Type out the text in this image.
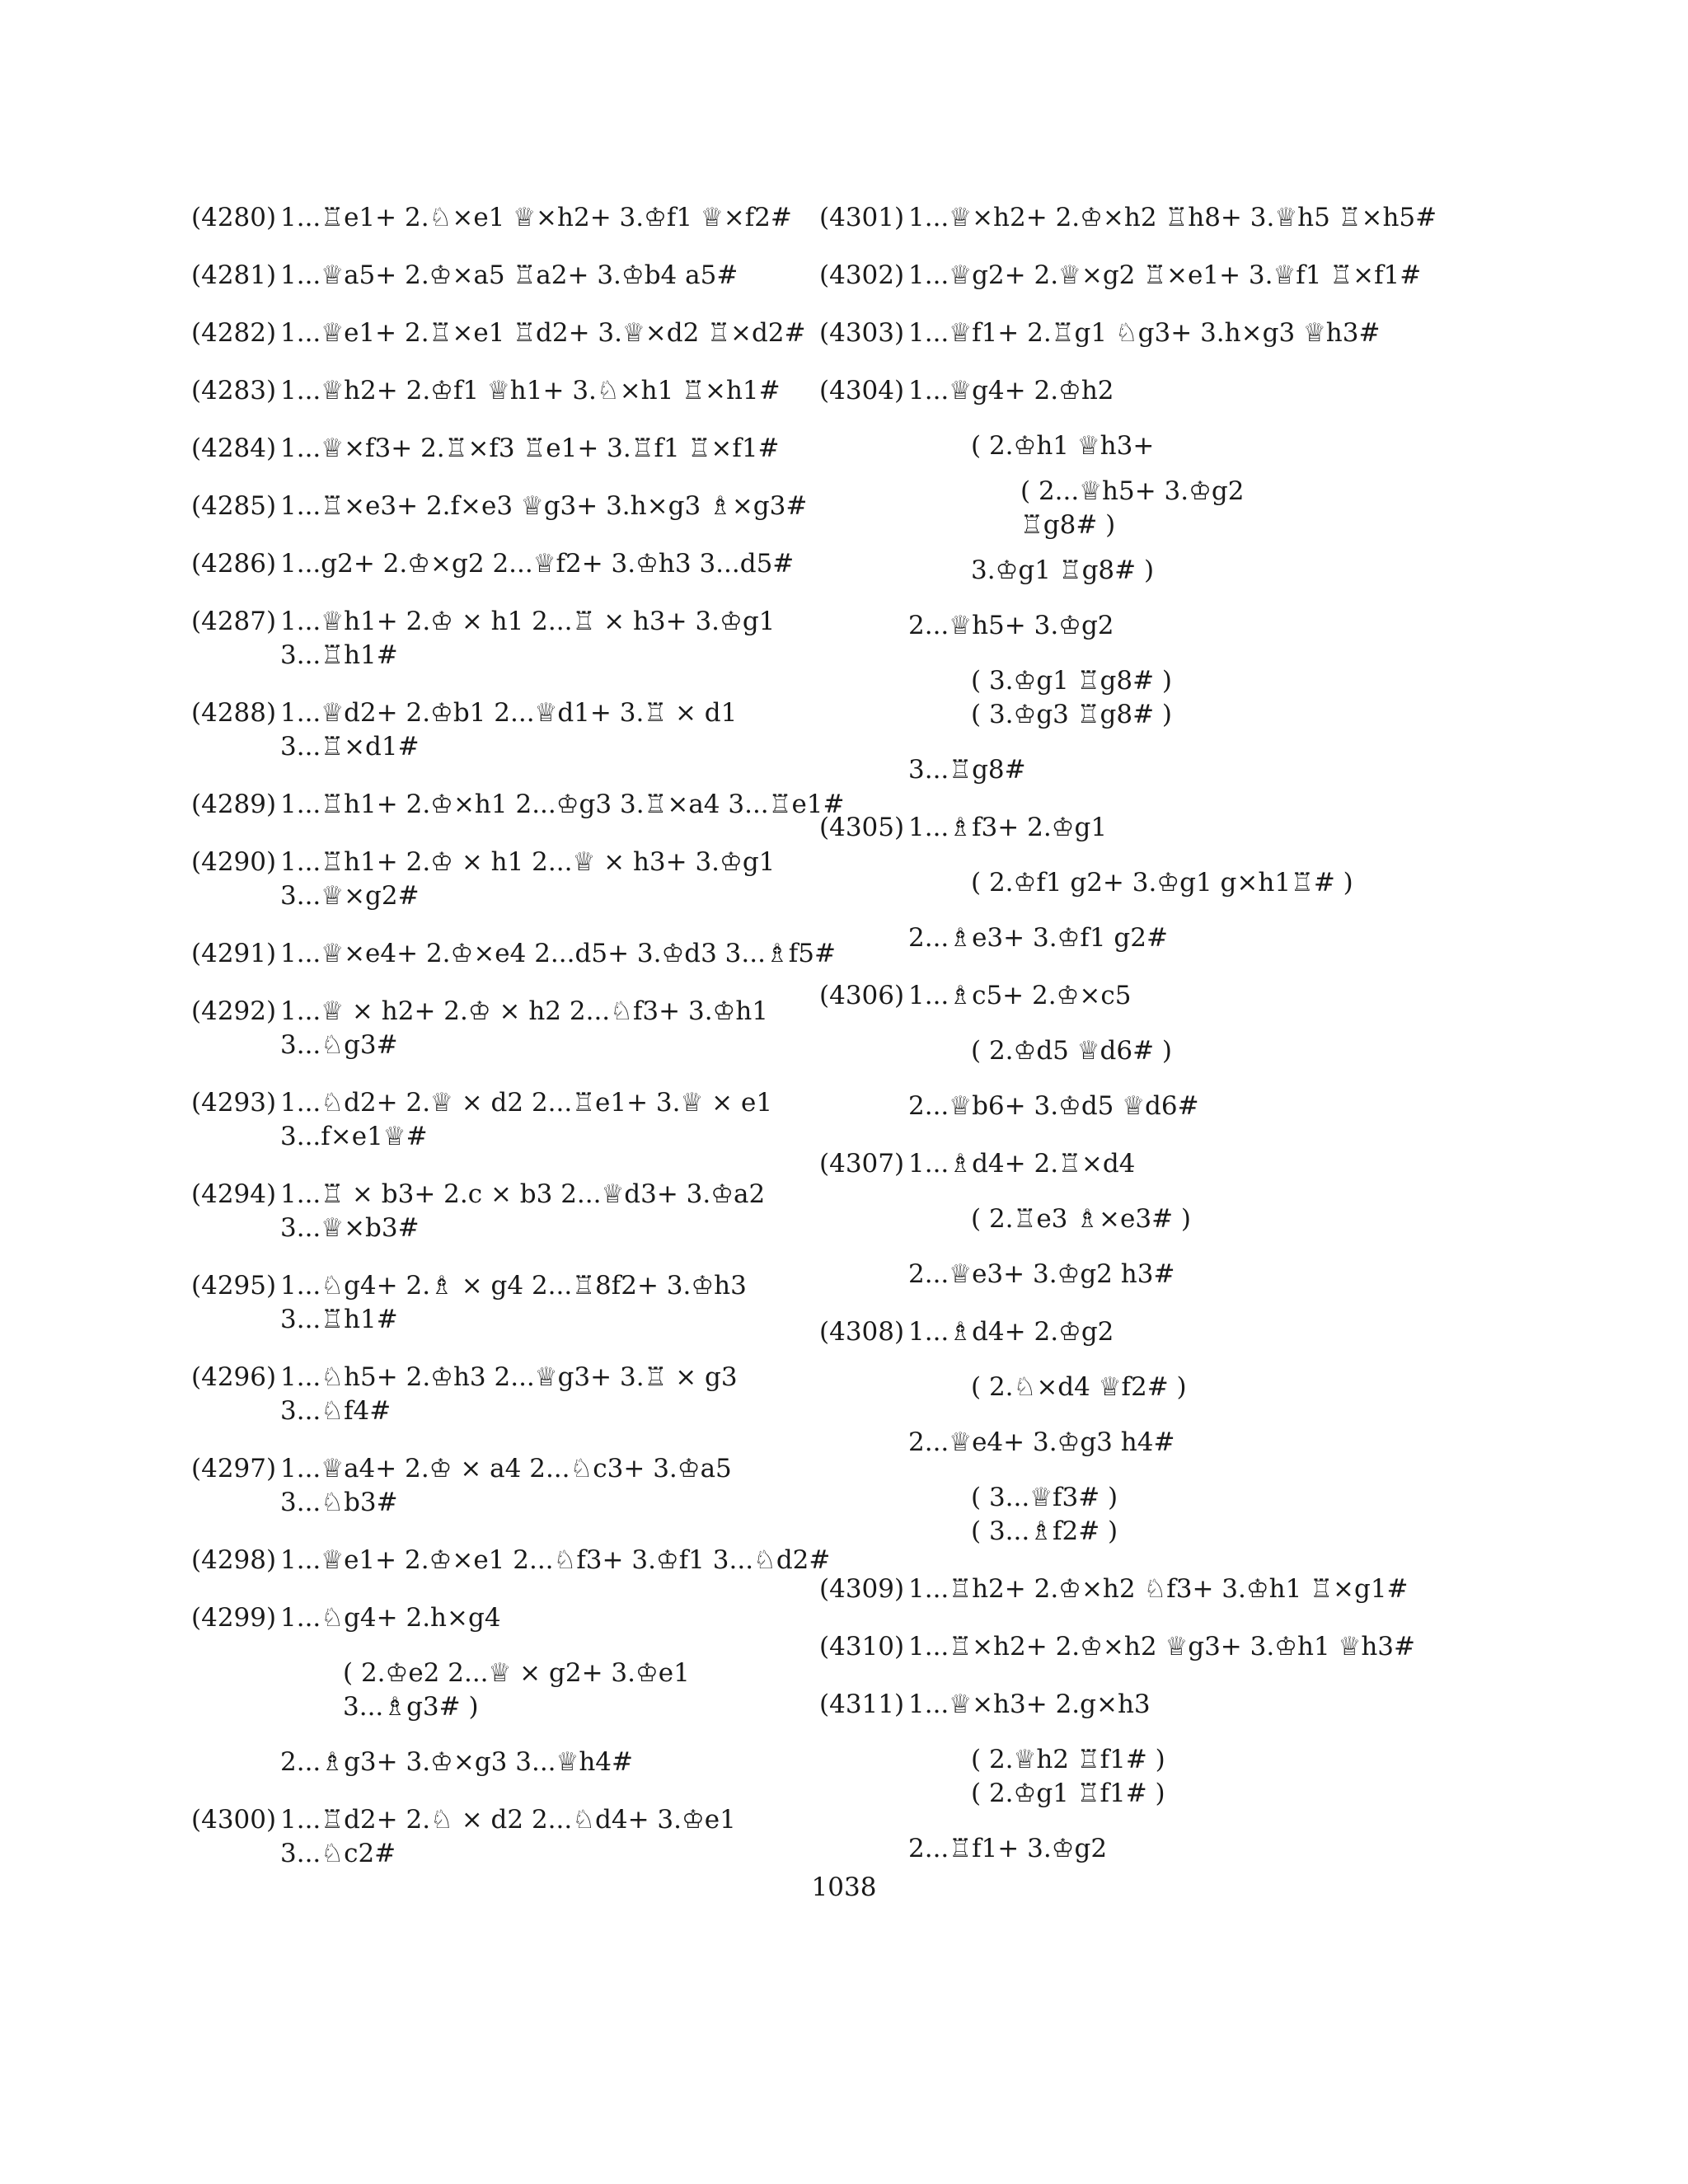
(4280) 1...♖e1+ 2.♘×e1 ♕×h2+ 3.♔f1 ♕×f2#
(4281) 1...♕a5+ 2.♔×a5 ♖a2+ 3.♔b4 a5#
(4282) 1...♕e1+ 2.♖×e1 ♖d2+ 3.♕×d2 ♖×d2#
(4283) 1...♕h2+ 2.♔f1 ♕h1+ 3.♘×h1 ♖×h1#
(4284) 1...♕×f3+ 2.♖×f3 ♖e1+ 3.♖f1 ♖×f1#
(4285) 1...♖×e3+ 2.f×e3 ♕g3+ 3.h×g3 ♗×g3#
(4286) 1...g2+ 2.♔×g2 2...♕f2+ 3.♔h3 3...d5#
(4287) 1...♕h1+ 2.♔ × h1 2...♖ × h3+ 3.♔g1
3...♖h1#
(4288) 1...♕d2+ 2.♔b1 2...♕d1+ 3.♖ × d1
3...♖×d1#
(4289) 1...♖h1+ 2.♔×h1 2...♔g3 3.♖×a4 3...♖e1#
(4290) 1...♖h1+ 2.♔ × h1 2...♕ × h3+ 3.♔g1
3...♕×g2#
(4291) 1...♕×e4+ 2.♔×e4 2...d5+ 3.♔d3 3...♗f5#
(4292) 1...♕ × h2+ 2.♔ × h2 2...♘f3+ 3.♔h1
3...♘g3#
(4293) 1...♘d2+ 2.♕ × d2 2...♖e1+ 3.♕ × e1
3...f×e1♕#
(4294) 1...♖ × b3+ 2.c × b3 2...♕d3+ 3.♔a2
3...♕×b3#
(4295) 1...♘g4+ 2.♗ × g4 2...♖8f2+ 3.♔h3
3...♖h1#
(4296) 1...♘h5+ 2.♔h3 2...♕g3+ 3.♖ × g3
3...♘f4#
(4297) 1...♕a4+ 2.♔ × a4 2...♘c3+ 3.♔a5
3...♘b3#
(4298) 1...♕e1+ 2.♔×e1 2...♘f3+ 3.♔f1 3...♘d2#
(4299) 1...♘g4+ 2.h×g4
( 2.♔e2 2...♕ × g2+ 3.♔e1
3...♗g3# )
2...♗g3+ 3.♔×g3 3...♕h4#
(4300) 1...♖d2+ 2.♘ × d2 2...♘d4+ 3.♔e1
3...♘c2#
(4301) 1...♕×h2+ 2.♔×h2 ♖h8+ 3.♕h5 ♖×h5#
(4302) 1...♕g2+ 2.♕×g2 ♖×e1+ 3.♕f1 ♖×f1#
(4303) 1...♕f1+ 2.♖g1 ♘g3+ 3.h×g3 ♕h3#
(4304) 1...♕g4+ 2.♔h2
( 2.♔h1 ♕h3+
( 2...♕h5+ 3.♔g2
♖g8# )
3.♔g1 ♖g8# )
2...♕h5+ 3.♔g2
( 3.♔g1 ♖g8# )
( 3.♔g3 ♖g8# )
3...♖g8#
(4305) 1...♗f3+ 2.♔g1
( 2.♔f1 g2+ 3.♔g1 g×h1♖# )
2...♗e3+ 3.♔f1 g2#
(4306) 1...♗c5+ 2.♔×c5
( 2.♔d5 ♕d6# )
2...♕b6+ 3.♔d5 ♕d6#
(4307) 1...♗d4+ 2.♖×d4
( 2.♖e3 ♗×e3# )
2...♕e3+ 3.♔g2 h3#
(4308) 1...♗d4+ 2.♔g2
( 2.♘×d4 ♕f2# )
2...♕e4+ 3.♔g3 h4#
( 3...♕f3# )
( 3...♗f2# )
(4309) 1...♖h2+ 2.♔×h2 ♘f3+ 3.♔h1 ♖×g1#
(4310) 1...♖×h2+ 2.♔×h2 ♕g3+ 3.♔h1 ♕h3#
(4311) 1...♕×h3+ 2.g×h3
( 2.♕h2 ♖f1# )
( 2.♔g1 ♖f1# )
2...♖f1+ 3.♔g2
1038
